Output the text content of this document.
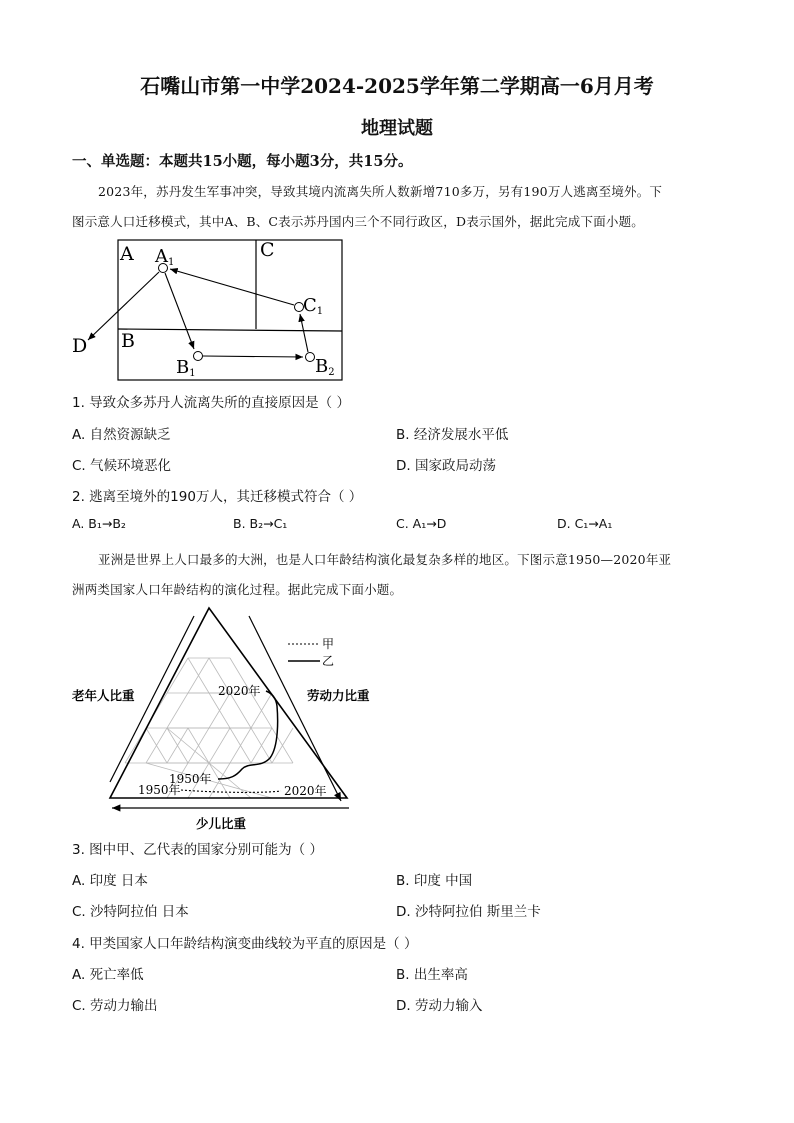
石嘴山市第一中学2024-2025学年第二学期高一6月月考
地理试题
一、单选题：本题共15小题，每小题3分，共15分。
2023年，苏丹发生军事冲突，导致其境内流离失所人数新增710多万，另有190万人逃离至境外。下
图示意人口迁移模式，其中A、B、C表示苏丹国内三个不同行政区，D表示国外，据此完成下面小题。
A	C
B
D
A1
C1
B1	B2
1. 导致众多苏丹人流离失所的直接原因是（ ）
A. 自然资源缺乏	B. 经济发展水平低
C. 气候环境恶化	D. 国家政局动荡
2. 逃离至境外的190万人，其迁移模式符合（ ）
A. B₁→B₂	B. B₂→C₁	C. A₁→D	D. C₁→A₁
亚洲是世界上人口最多的大洲，也是人口年龄结构演化最复杂多样的地区。下图示意1950—2020年亚
洲两类国家人口年龄结构的演化过程。据此完成下面小题。
甲
乙
老年人比重	劳动力比重
少儿比重
2020年
1950年
1950年	2020年
3. 图中甲、乙代表的国家分别可能为（ ）
A. 印度 日本	B. 印度 中国
C. 沙特阿拉伯 日本	D. 沙特阿拉伯 斯里兰卡
4. 甲类国家人口年龄结构演变曲线较为平直的原因是（ ）
A. 死亡率低	B. 出生率高
C. 劳动力输出	D. 劳动力输入
